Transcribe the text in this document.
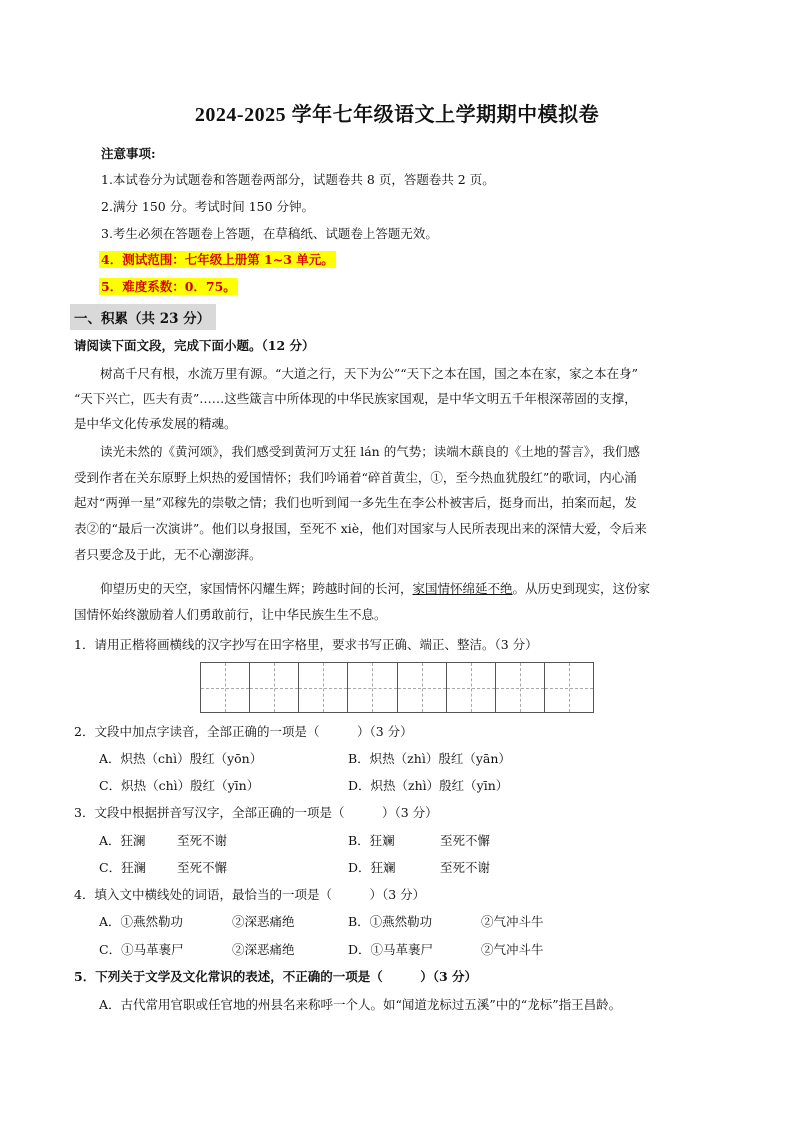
2024-2025 学年七年级语文上学期期中模拟卷
注意事项:
1.本试卷分为试题卷和答题卷两部分，试题卷共 8 页，答题卷共 2 页。
2.满分 150 分。考试时间 150 分钟。
3.考生必须在答题卷上答题，在草稿纸、试题卷上答题无效。
4．测试范围：七年级上册第 1~3 单元。
5．难度系数：0．75。
一、积累（共 23 分）
请阅读下面文段，完成下面小题。（12 分）
树高千尺有根，水流万里有源。“大道之行，天下为公”“天下之本在国，国之本在家，家之本在身”
“天下兴亡，匹夫有责”……这些箴言中所体现的中华民族家国观，是中华文明五千年根深蒂固的支撑，
是中华文化传承发展的精魂。
读光未然的《黄河颂》，我们感受到黄河万丈狂 lán 的气势；读端木蕻良的《土地的誓言》，我们感
受到作者在关东原野上炽热的爱国情怀；我们吟诵着“碎首黄尘，①，至今热血犹殷红”的歌词，内心涌
起对“两弹一星”邓稼先的崇敬之情；我们也听到闻一多先生在李公朴被害后，挺身而出，拍案而起，发
表②的“最后一次演讲”。他们以身报国，至死不 xiè，他们对国家与人民所表现出来的深情大爱，令后来
者只要念及于此，无不心潮澎湃。
仰望历史的天空，家国情怀闪耀生辉；跨越时间的长河，家国情怀绵延不绝。从历史到现实，这份家
国情怀始终激励着人们勇敢前行，让中华民族生生不息。
1．请用正楷将画横线的汉字抄写在田字格里，要求书写正确、端正、整洁。（3 分）
2．文段中加点字读音，全部正确的一项是（　　　）（3 分）
A．炽热（chì）殷红（yōn）	B．炽热（zhì）殷红（yān）
C．炽热（chì）殷红（yīn）	D．炽热（zhì）殷红（yīn）
3．文段中根据拼音写汉字，全部正确的一项是（　　　）（3 分）
A．狂澜	至死不谢	B．狂斓	至死不懈
C．狂澜 至死不懈	D．狂斓	至死不谢
4．填入文中横线处的词语，最恰当的一项是（　　　）（3 分）
A．①燕然勒功	②深恶痛绝	B．①燕然勒功	②气冲斗牛
C．①马革裹尸	②深恶痛绝	D．①马革裹尸	②气冲斗牛
5．下列关于文学及文化常识的表述，不正确的一项是（　　　）（3 分）
A．古代常用官职或任官地的州县名来称呼一个人。如“闻道龙标过五溪”中的“龙标”指王昌龄。
